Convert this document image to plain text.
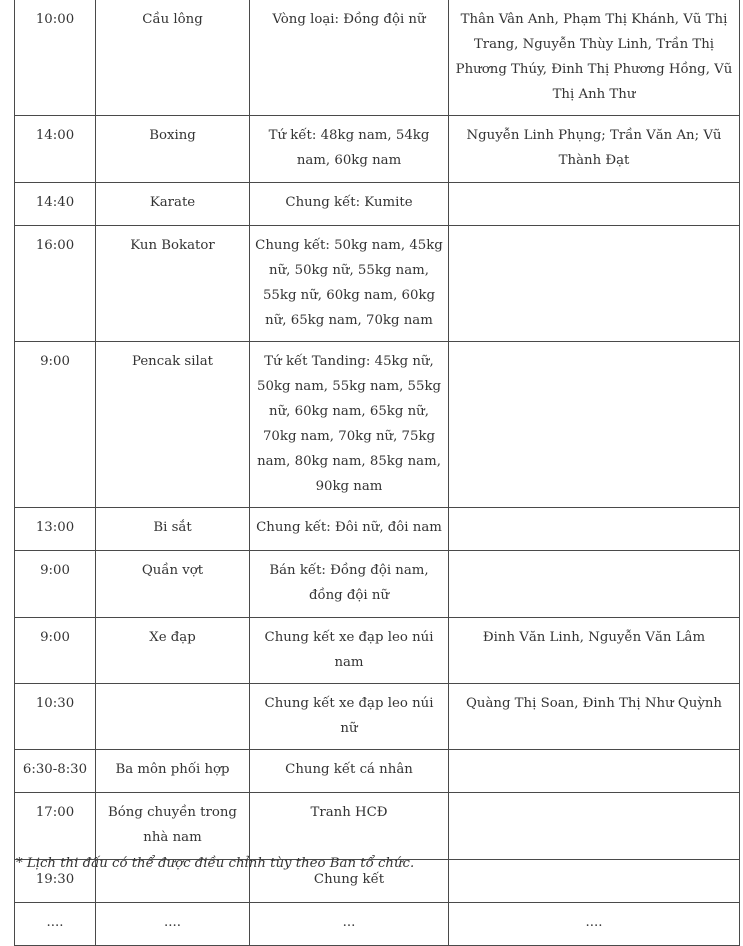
10:00	Cầu lông	Vòng loại: Đồng đội nữ	Thân Vân Anh, Phạm Thị Khánh, Vũ Thị Trang, Nguyễn Thùy Linh, Trần Thị Phương Thúy, Đinh Thị Phương Hồng, Vũ Thị Anh Thư
14:00	Boxing	Tứ kết: 48kg nam, 54kg nam, 60kg nam	Nguyễn Linh Phụng; Trần Văn An; Vũ Thành Đạt
14:40	Karate	Chung kết: Kumite	
16:00	Kun Bokator	Chung kết: 50kg nam, 45kg nữ, 50kg nữ, 55kg nam, 55kg nữ, 60kg nam, 60kg nữ, 65kg nam, 70kg nam	
9:00	Pencak silat	Tứ kết Tanding: 45kg nữ, 50kg nam, 55kg nam, 55kg nữ, 60kg nam, 65kg nữ, 70kg nam, 70kg nữ, 75kg nam, 80kg nam, 85kg nam, 90kg nam	
13:00	Bi sắt	Chung kết: Đôi nữ, đôi nam	
9:00	Quần vợt	Bán kết: Đồng đội nam, đồng đội nữ	
9:00	Xe đạp	Chung kết xe đạp leo núi nam	Đinh Văn Linh, Nguyễn Văn Lâm
10:30		Chung kết xe đạp leo núi nữ	Quàng Thị Soan, Đinh Thị Như Quỳnh
6:30-8:30	Ba môn phối hợp	Chung kết cá nhân	
17:00	Bóng chuyền trong nhà nam	Tranh HCĐ	
19:30		Chung kết	
....	....	...	....
* Lịch thi đấu có thể được điều chỉnh tùy theo Ban tổ chức.
